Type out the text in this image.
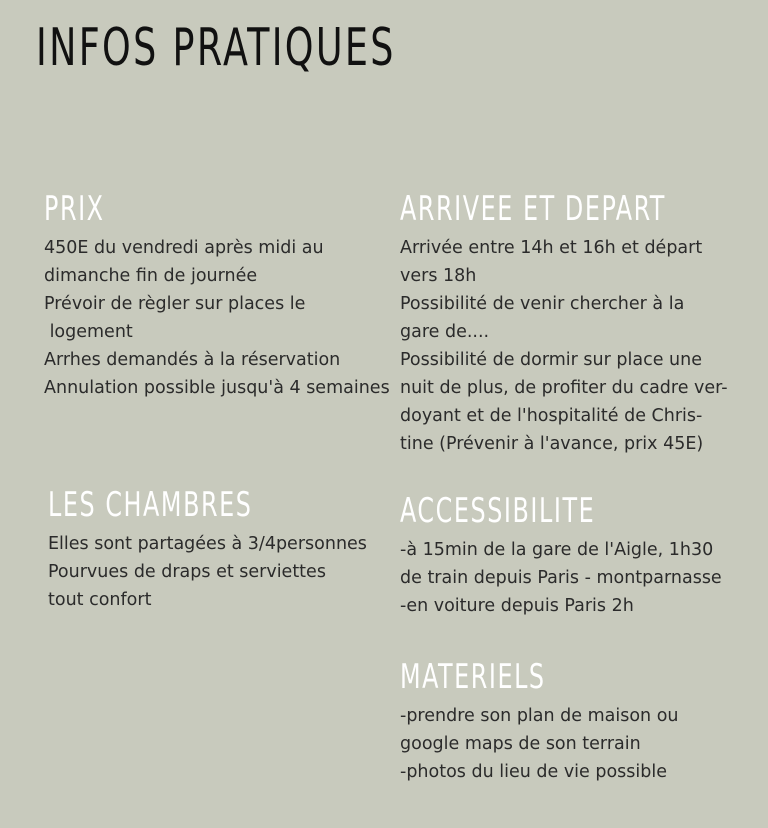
INFOS PRATIQUES
PRIX
450E du vendredi après midi au
dimanche fin de journée
Prévoir de règler sur places le
logement
Arrhes demandés à la réservation
Annulation possible jusqu'à 4 semaines
LES CHAMBRES
Elles sont partagées à 3/4personnes
Pourvues de draps et serviettes
tout confort
ARRIVEE ET DEPART
Arrivée entre 14h et 16h et départ
vers 18h
Possibilité de venir chercher à la
gare de....
Possibilité de dormir sur place une
nuit de plus, de profiter du cadre ver-
doyant et de l'hospitalité de Chris-
tine (Prévenir à l'avance, prix 45E)
ACCESSIBILITE
-à 15min de la gare de l'Aigle, 1h30
de train depuis Paris - montparnasse
-en voiture depuis Paris 2h
MATERIELS
-prendre son plan de maison ou
google maps de son terrain
-photos du lieu de vie possible
